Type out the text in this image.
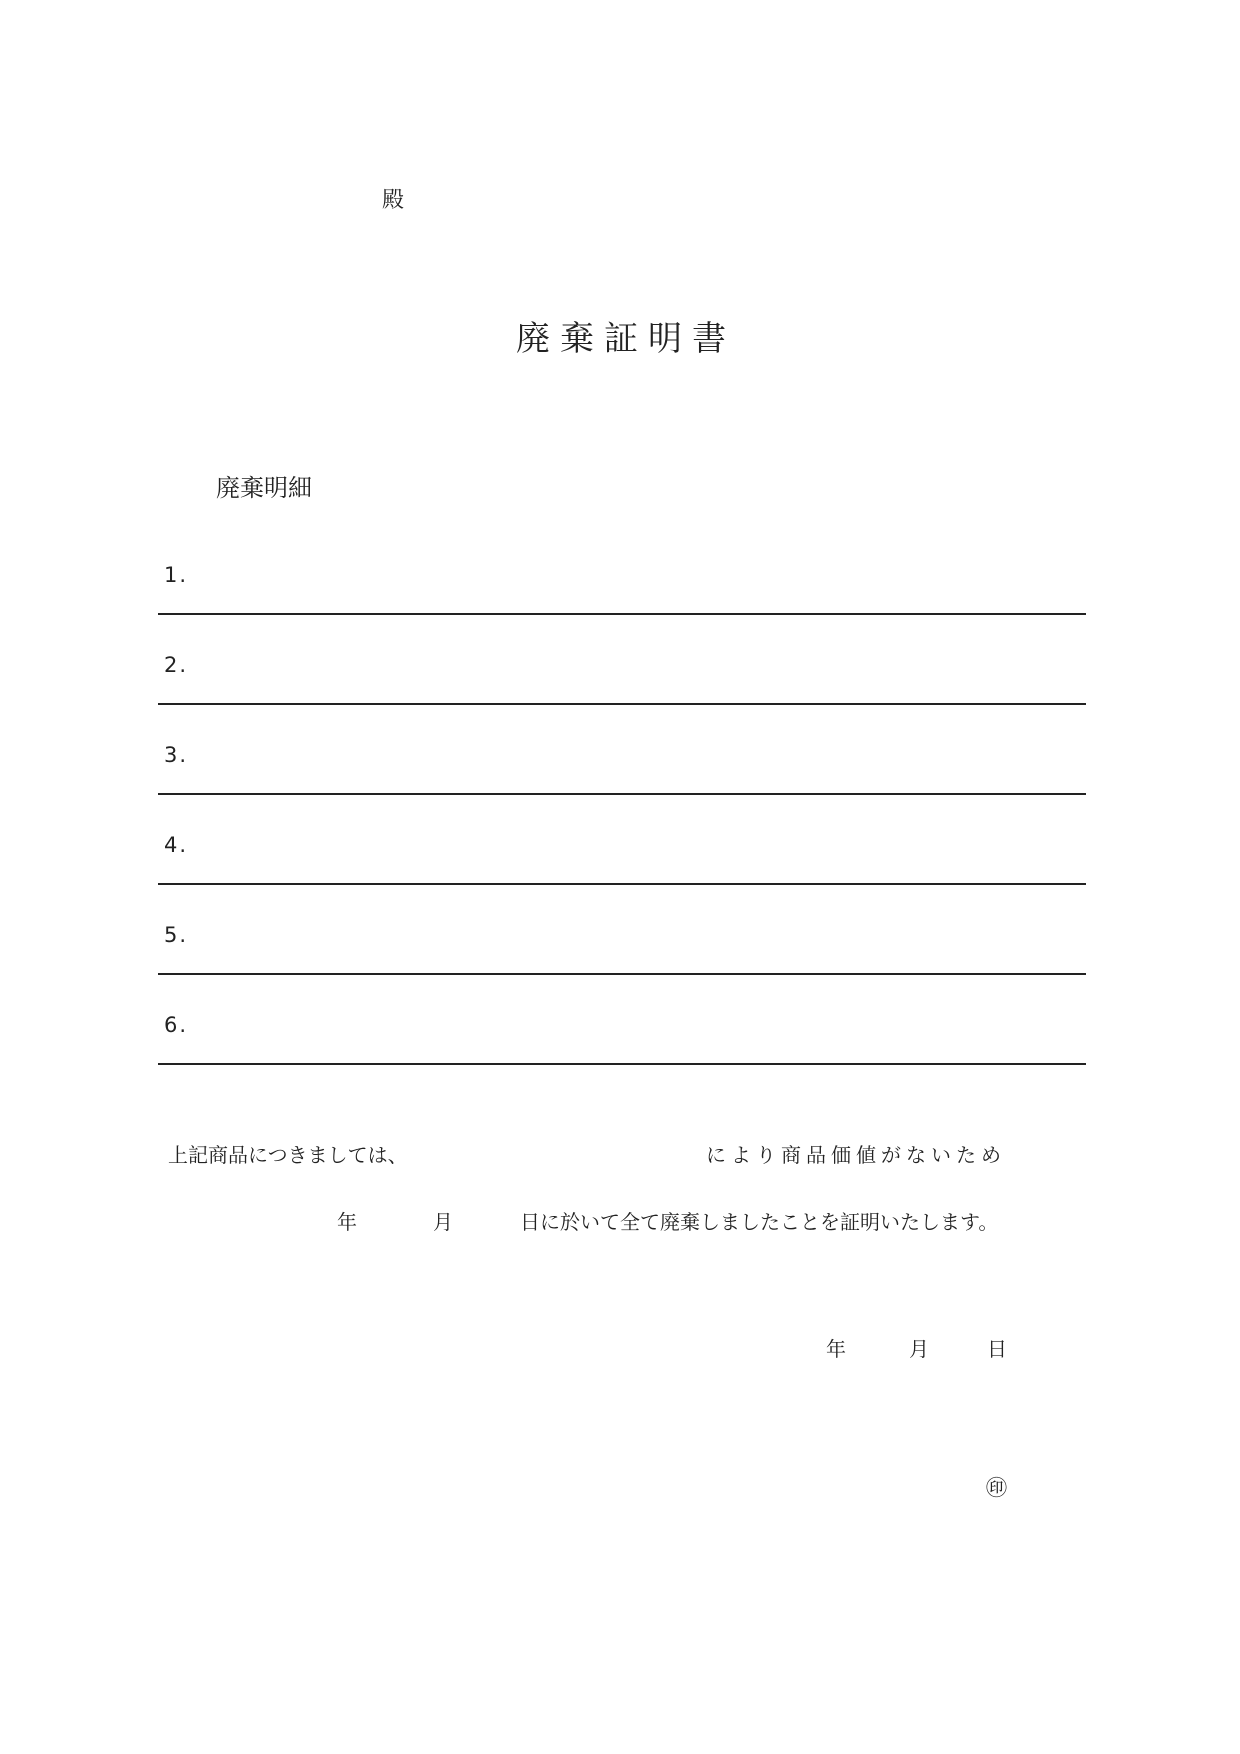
殿
廃棄証明書
廃棄明細
1.
2.
3.
4.
5.
6.
上記商品につきましては、	により商品価値がないため
年	月	日に於いて全て廃棄しましたことを証明いたします。
年	月	日
㊞
